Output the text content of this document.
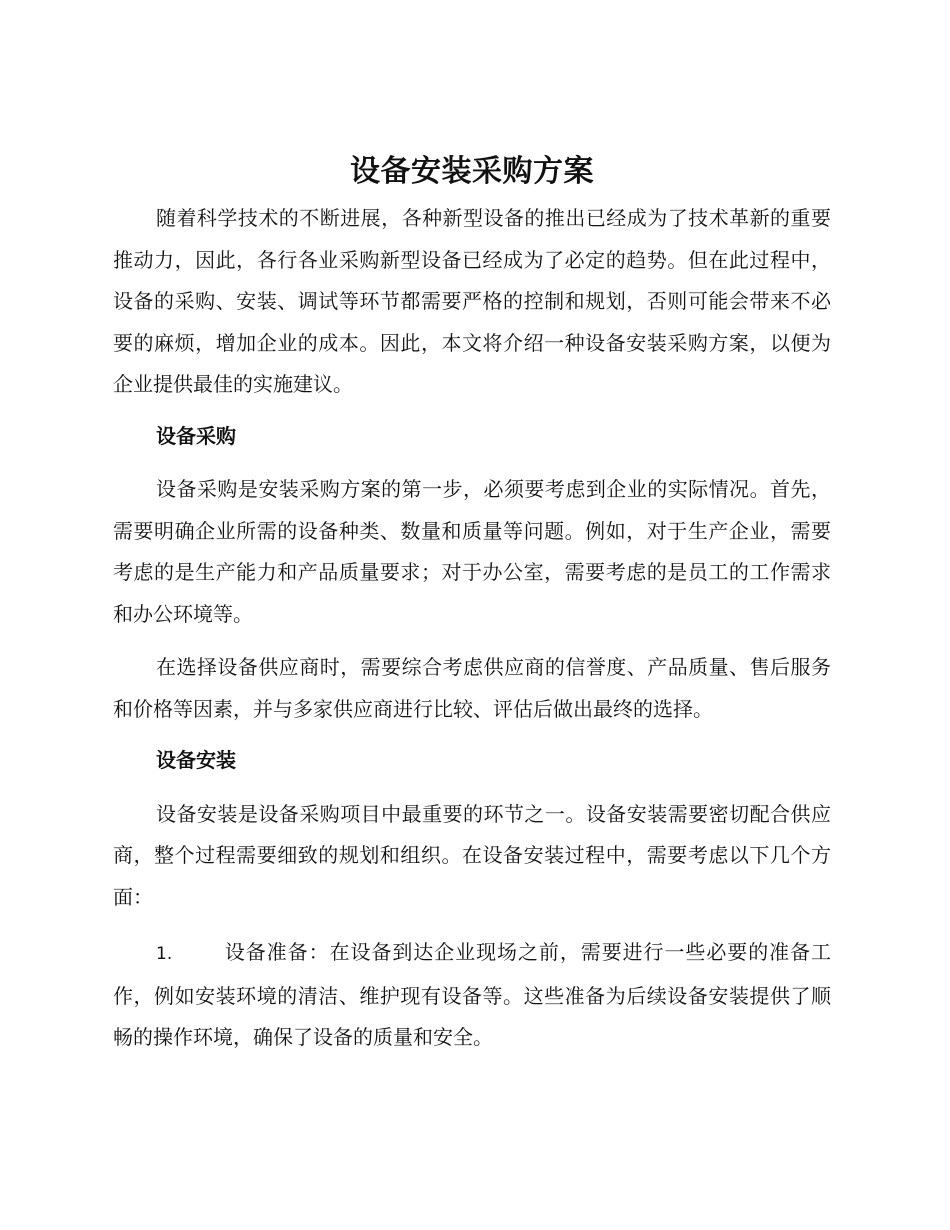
设备安装采购方案

随着科学技术的不断进展，各种新型设备的推出已经成为了技术革新的重要推动力，因此，各行各业采购新型设备已经成为了必定的趋势。但在此过程中，设备的采购、安装、调试等环节都需要严格的控制和规划，否则可能会带来不必要的麻烦，增加企业的成本。因此，本文将介绍一种设备安装采购方案，以便为企业提供最佳的实施建议。

设备采购

设备采购是安装采购方案的第一步，必须要考虑到企业的实际情况。首先，需要明确企业所需的设备种类、数量和质量等问题。例如，对于生产企业，需要考虑的是生产能力和产品质量要求；对于办公室，需要考虑的是员工的工作需求和办公环境等。

在选择设备供应商时，需要综合考虑供应商的信誉度、产品质量、售后服务和价格等因素，并与多家供应商进行比较、评估后做出最终的选择。

设备安装

设备安装是设备采购项目中最重要的环节之一。设备安装需要密切配合供应商，整个过程需要细致的规划和组织。在设备安装过程中，需要考虑以下几个方面：

1.	设备准备：在设备到达企业现场之前，需要进行一些必要的准备工作，例如安装环境的清洁、维护现有设备等。这些准备为后续设备安装提供了顺畅的操作环境，确保了设备的质量和安全。
